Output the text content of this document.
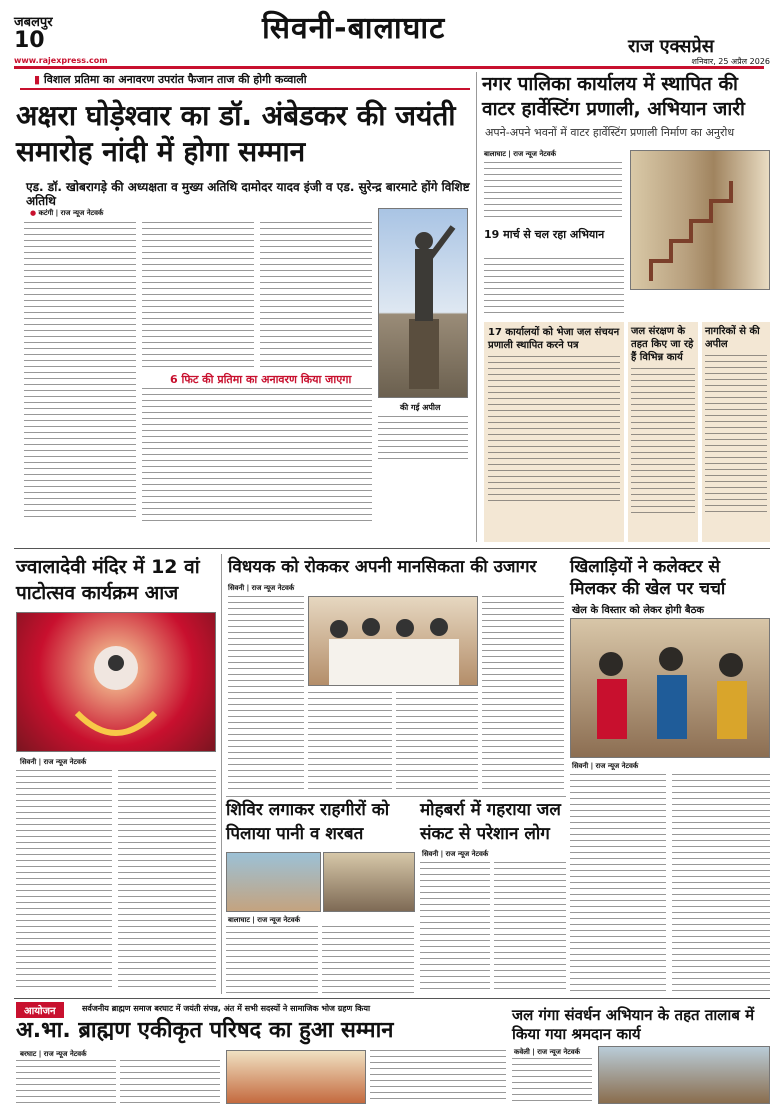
जबलपुर
10
www.rajexpress.com
सिवनी-बालाघाट
राज एक्सप्रेस
शनिवार, 25 अप्रैल 2026
▮ विशाल प्रतिमा का अनावरण उपरांत फैजान ताज की होगी कव्वाली
अक्षरा घोड़ेश्वार का डॉ. अंबेडकर की जयंती समारोह नांदी में होगा सम्मान
एड. डॉ. खोबरागड़े की अध्यक्षता व मुख्य अतिथि दामोदर यादव इंजी व एड. सुरेन्द्र बारमाटे होंगे विशिष्ट अतिथि
● कटंगी | राज न्यूज नेटवर्क
6 फिट की प्रतिमा का अनावरण किया जाएगा
की गई अपील
नगर पालिका कार्यालय में स्थापित की वाटर हार्वेस्टिंग प्रणाली, अभियान जारी
अपने-अपने भवनों में वाटर हार्वेस्टिंग प्रणाली निर्माण का अनुरोध
बालाघाट | राज न्यूज नेटवर्क
19 मार्च से चल रहा अभियान
17 कार्यालयों को भेजा जल संचयन प्रणाली स्थापित करने पत्र
जल संरक्षण के तहत किए जा रहे हैं विभिन्न कार्य
नागरिकों से की अपील
ज्वालादेवी मंदिर में 12 वां पाटोत्सव कार्यक्रम आज
सिवनी | राज न्यूज नेटवर्क
विधयक को रोककर अपनी मानसिकता की उजागर
सिवनी | राज न्यूज नेटवर्क
खिलाड़ियों ने कलेक्टर से मिलकर की खेल पर चर्चा
खेल के विस्तार को लेकर होगी बैठक
सिवनी | राज न्यूज नेटवर्क
शिविर लगाकर राहगीरों को पिलाया पानी व शरबत
बालाघाट | राज न्यूज नेटवर्क
मोहबर्रा में गहराया जल संकट से परेशान लोग
सिवनी | राज न्यूज नेटवर्क
आयोजन	सर्वजनीय ब्राह्मण समाज बरघाट में जयंती संपन्न, अंत में सभी सदस्यों ने सामाजिक भोज ग्रहण किया
अ.भा. ब्राह्मण एकीकृत परिषद का हुआ सम्मान
बरघाट | राज न्यूज नेटवर्क
जल गंगा संवर्धन अभियान के तहत तालाब में किया गया श्रमदान कार्य
कवेली | राज न्यूज नेटवर्क
